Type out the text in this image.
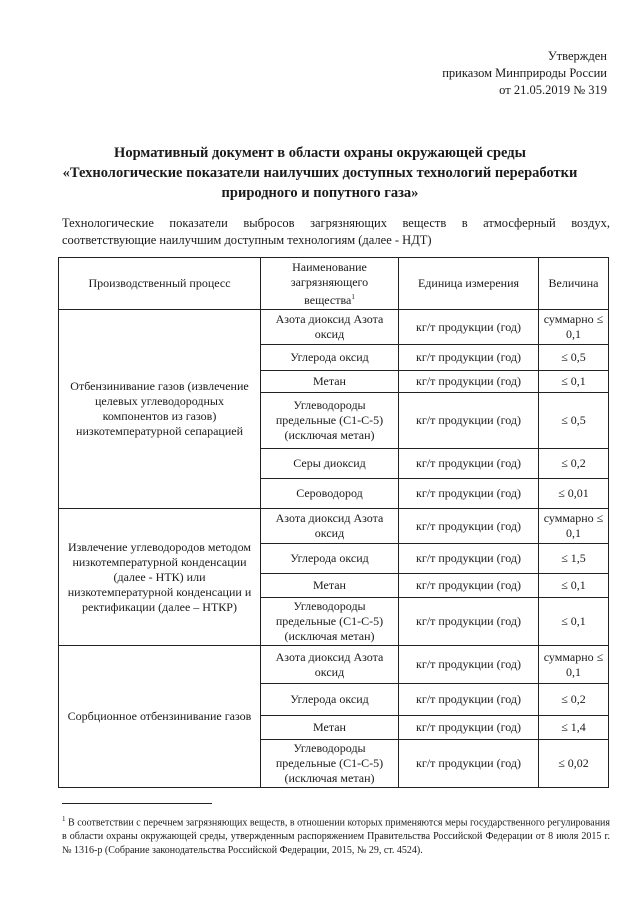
Утвержден
приказом Минприроды России
от 21.05.2019 № 319
Нормативный документ в области охраны окружающей среды
«Технологические показатели наилучших доступных технологий переработки
природного и попутного газа»
Технологические показатели выбросов загрязняющих веществ в атмосферный воздух,
соответствующие наилучшим доступным технологиям (далее - НДТ)
Производственный процесс	Наименование загрязняющего вещества$^1$	Единица измерения	Величина
Отбензинивание газов (извлечение целевых углеводородных компонентов из газов) низкотемпературной сепарацией	Азота диоксид Азота оксид	кг/т продукции (год)	суммарно ≤ 0,1
	Углерода оксид	кг/т продукции (год)	≤ 0,5
	Метан	кг/т продукции (год)	≤ 0,1
	Углеводороды предельные (С1-С-5) (исключая метан)	кг/т продукции (год)	≤ 0,5
	Серы диоксид	кг/т продукции (год)	≤ 0,2
	Сероводород	кг/т продукции (год)	≤ 0,01
Извлечение углеводородов методом низкотемпературной конденсации (далее - НТК) или низкотемпературной конденсации и ректификации (далее – НТКР)	Азота диоксид Азота оксид	кг/т продукции (год)	суммарно ≤ 0,1
	Углерода оксид	кг/т продукции (год)	≤ 1,5
	Метан	кг/т продукции (год)	≤ 0,1
	Углеводороды предельные (С1-С-5) (исключая метан)	кг/т продукции (год)	≤ 0,1
Сорбционное отбензинивание газов	Азота диоксид Азота оксид	кг/т продукции (год)	суммарно ≤ 0,1
	Углерода оксид	кг/т продукции (год)	≤ 0,2
	Метан	кг/т продукции (год)	≤ 1,4
	Углеводороды предельные (С1-С-5) (исключая метан)	кг/т продукции (год)	≤ 0,02
$^1$ В соответствии с перечнем загрязняющих веществ, в отношении которых применяются меры государственного регулирования в области охраны окружающей среды, утвержденным распоряжением Правительства Российской Федерации от 8 июля 2015 г. № 1316-р (Собрание законодательства Российской Федерации, 2015, № 29, ст. 4524).
